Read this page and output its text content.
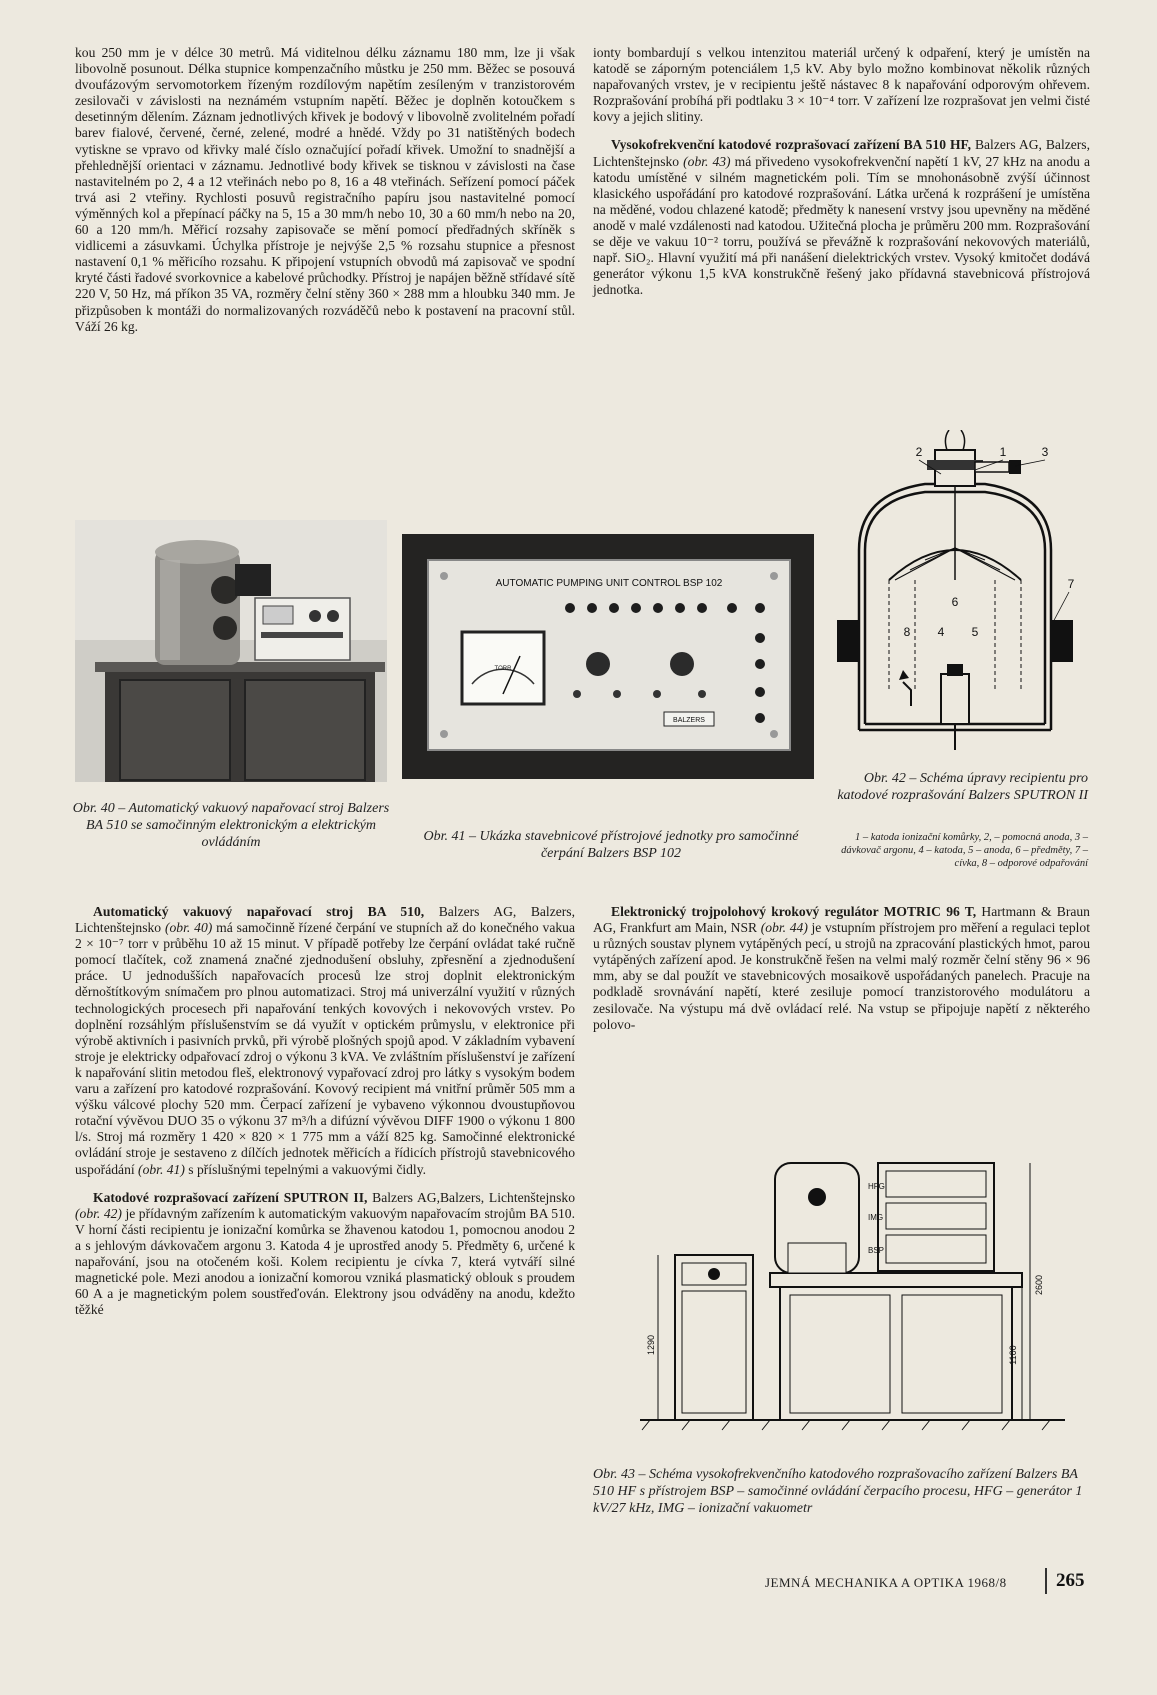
kou 250 mm je v délce 30 metrů. Má viditelnou délku záznamu 180 mm, lze ji však libovolně posunout. Délka stupnice kompenzačního můstku je 250 mm. Běžec se posouvá dvoufázovým servomotorkem řízeným rozdílovým napětím zesíleným v tranzistorovém zesilovači v závislosti na neznámém vstupním napětí. Běžec je doplněn kotoučkem s desetinným dělením. Záznam jednotlivých křivek je bodový v libovolně zvolitelném pořadí barev fialové, červené, černé, zelené, modré a hnědé. Vždy po 31 natištěných bodech vytiskne se vpravo od křivky malé číslo označující pořadí křivek. Umožní to snadnější a přehlednější orientaci v záznamu. Jednotlivé body křivek se tisknou v závislosti na čase nastavitelném po 2, 4 a 12 vteřinách nebo po 8, 16 a 48 vteřinách. Seřízení pomocí páček trvá asi 2 vteřiny. Rychlosti posuvů registračního papíru jsou nastavitelné pomocí výměnných kol a přepínací páčky na 5, 15 a 30 mm/h nebo 10, 30 a 60 mm/h nebo na 20, 60 a 120 mm/h. Měřicí rozsahy zapisovače se mění pomocí předřadných skříněk s vidlicemi a zásuvkami. Úchylka přístroje je nejvýše 2,5 % rozsahu stupnice a přesnost nastavení 0,1 % měřicího rozsahu. K připojení vstupních obvodů má zapisovač ve spodní kryté části řadové svorkovnice a kabelové průchodky. Přístroj je napájen běžně střídavé sítě 220 V, 50 Hz, má příkon 35 VA, rozměry čelní stěny 360 × 288 mm a hloubku 340 mm. Je přizpůsoben k montáži do normalizovaných rozváděčů nebo k postavení na pracovní stůl. Váží 26 kg.

ionty bombardují s velkou intenzitou materiál určený k odpaření, který je umístěn na katodě se záporným potenciálem 1,5 kV. Aby bylo možno kombinovat několik různých napařovaných vrstev, je v recipientu ještě nástavec 8 k napařování odporovým ohřevem. Rozprašování probíhá při podtlaku 3 × 10⁻⁴ torr. V zařízení lze rozprašovat jen velmi čisté kovy a jejich slitiny.

Vysokofrekvenční katodové rozprašovací zařízení BA 510 HF, Balzers AG, Balzers, Lichtenštejnsko (obr. 43) má přivedeno vysokofrekvenční napětí 1 kV, 27 kHz na anodu a katodu umístěné v silném magnetickém poli. Tím se mnohonásobně zvýší účinnost klasického uspořádání pro katodové rozprašování. Látka určená k rozprášení je umístěna na měděné, vodou chlazené katodě; předměty k nanesení vrstvy jsou upevněny na měděné anodě v malé vzdálenosti nad katodou. Užitečná plocha je průměru 200 mm. Rozprašování se děje ve vakuu 10⁻² torru, používá se převážně k rozprašování nekovových materiálů, např. SiO₂. Hlavní využití má při nanášení dielektrických vrstev. Vysoký kmitočet dodává generátor výkonu 1,5 kVA konstrukčně řešený jako přídavná stavebnicová přístrojová jednotka.

AUTOMATIC PUMPING UNIT CONTROL BSP 102
TORR
BALZERS
2	1	3
6
7
8 4 5
Obr. 40 – Automatický vakuový napařovací stroj Balzers BA 510 se samočinným elektronickým a elektrickým ovládáním	Obr. 41 – Ukázka stavebnicové přístrojové jednotky pro samočinné čerpání Balzers BSP 102
Obr. 42 – Schéma úpravy recipientu pro katodové rozprašování Balzers SPUTRON II
1 – katoda ionizační komůrky, 2, – pomocná anoda, 3 – dávkovač argonu, 4 – katoda, 5 – anoda, 6 – předměty, 7 – cívka, 8 – odporové odpařování

Automatický vakuový napařovací stroj BA 510, Balzers AG, Balzers, Lichtenštejnsko (obr. 40) má samočinně řízené čerpání ve stupních až do konečného vakua 2 × 10⁻⁷ torr v průběhu 10 až 15 minut. V případě potřeby lze čerpání ovládat také ručně pomocí tlačítek, což znamená značné zjednodušení obsluhy, zpřesnění a zjednodušení práce. U jednodušších napařovacích procesů lze stroj doplnit elektronickým děrnoštítkovým snímačem pro plnou automatizaci. Stroj má univerzální využití v různých technologických procesech při napařování tenkých kovových i nekovových vrstev. Po doplnění rozsáhlým příslušenstvím se dá využít v optickém průmyslu, v elektronice při výrobě aktivních i pasivních prvků, při výrobě plošných spojů apod. V základním vybavení stroje je elektricky odpařovací zdroj o výkonu 3 kVA. Ve zvláštním příslušenství je zařízení k napařování slitin metodou fleš, elektronový vypařovací zdroj pro látky s vysokým bodem varu a zařízení pro katodové rozprašování. Kovový recipient má vnitřní průměr 505 mm a výšku válcové plochy 520 mm. Čerpací zařízení je vybaveno výkonnou dvoustupňovou rotační vývěvou DUO 35 o výkonu 37 m³/h a difúzní vývěvou DIFF 1900 o výkonu 1 800 l/s. Stroj má rozměry 1 420 × 820 × 1 775 mm a váží 825 kg. Samočinné elektronické ovládání stroje je sestaveno z dílčích jednotek měřicích a řídicích přístrojů stavebnicového uspořádání (obr. 41) s příslušnými tepelnými a vakuovými čidly.

Katodové rozprašovací zařízení SPUTRON II, Balzers AG,Balzers, Lichtenštejnsko (obr. 42) je přídavným zařízením k automatickým vakuovým napařovacím strojům BA 510. V horní části recipientu je ionizační komůrka se žhavenou katodou 1, pomocnou anodou 2 a s jehlovým dávkovačem argonu 3. Katoda 4 je uprostřed anody 5. Předměty 6, určené k napařování, jsou na otočeném koši. Kolem recipientu je cívka 7, která vytváří silné magnetické pole. Mezi anodou a ionizační komorou vzniká plasmatický oblouk s proudem 60 A a je magnetickým polem soustřeďován. Elektrony jsou odváděny na anodu, kdežto těžké

Elektronický trojpolohový krokový regulátor MOTRIC 96 T, Hartmann & Braun AG, Frankfurt am Main, NSR (obr. 44) je vstupním přístrojem pro měření a regulaci teplot u různých soustav plynem vytápěných pecí, u strojů na zpracování plastických hmot, parou vytápěných zařízení apod. Je konstrukčně řešen na velmi malý rozměr čelní stěny 96 × 96 mm, aby se dal použít ve stavebnicových mosaikově uspořádaných panelech. Pracuje na podkladě srovnávání napětí, které zesiluje pomocí tranzistorového modulátoru a zesilovače. Na výstupu má dvě ovládací relé. Na vstup se připojuje napětí z některého polovo-

HFG
IMG
BSP
1290
2600
1100
Obr. 43 – Schéma vysokofrekvenčního katodového rozprašovacího zařízení Balzers BA 510 HF s přístrojem BSP – samočinné ovládání čerpacího procesu, HFG – generátor 1 kV/27 kHz, IMG – ionizační vakuometr
JEMNÁ MECHANIKA A OPTIKA 1968/8	265
